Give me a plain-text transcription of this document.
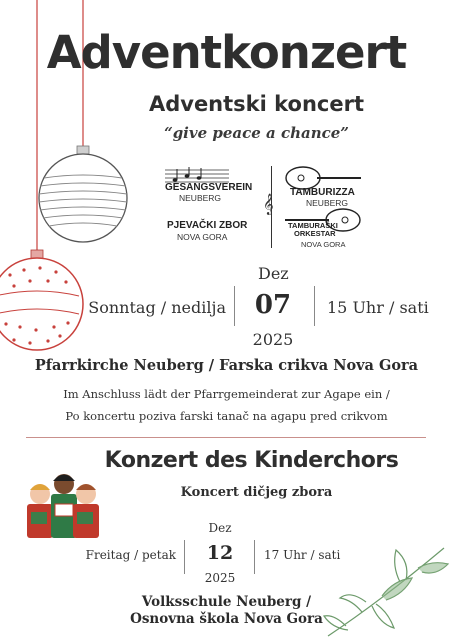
Adventkonzert
Adventski koncert
“give peace a chance”
GESANGSVEREIN
NEUBERG
PJEVAČKI ZBOR
NOVA GORA
𝄞
TAMBURIZZA
NEUBERG
TAMBURAŠKI
ORKESTAR
NOVA GORA
Dez
07
2025
Sonntag / nedilja	15 Uhr / sati
Pfarrkirche Neuberg / Farska crikva Nova Gora
Im Anschluss lädt der Pfarrgemeinderat zur Agape ein /
Po koncertu poziva farski tanač na agapu pred crikvom
Konzert des Kinderchors
Koncert dičjeg zbora
Dez
12
2025
Freitag / petak	17 Uhr / sati
Volksschule Neuberg /
Osnovna škola Nova Gora
